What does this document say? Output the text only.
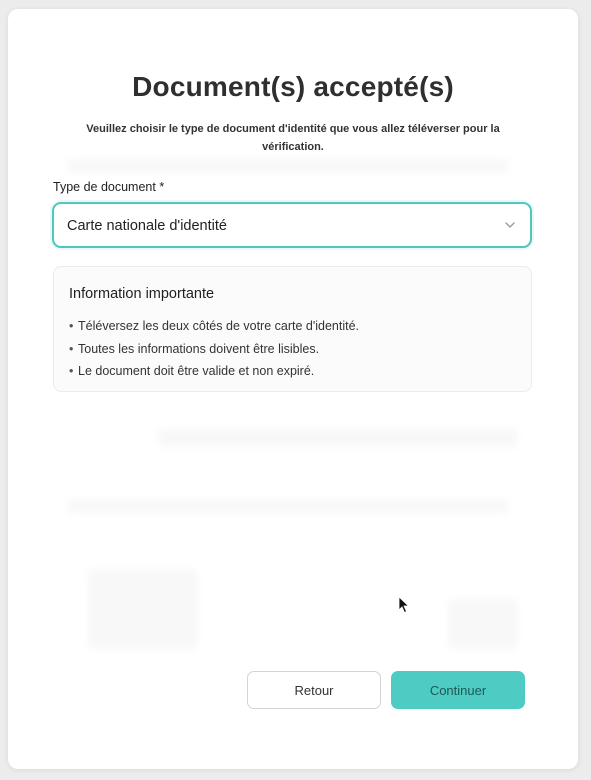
Document(s) accepté(s)
Veuillez choisir le type de document d'identité que vous allez téléverser pour la vérification.
Type de document *
Carte nationale d'identité
Information importante
• Téléversez les deux côtés de votre carte d'identité.
• Toutes les informations doivent être lisibles.
• Le document doit être valide et non expiré.
Retour	Continuer
